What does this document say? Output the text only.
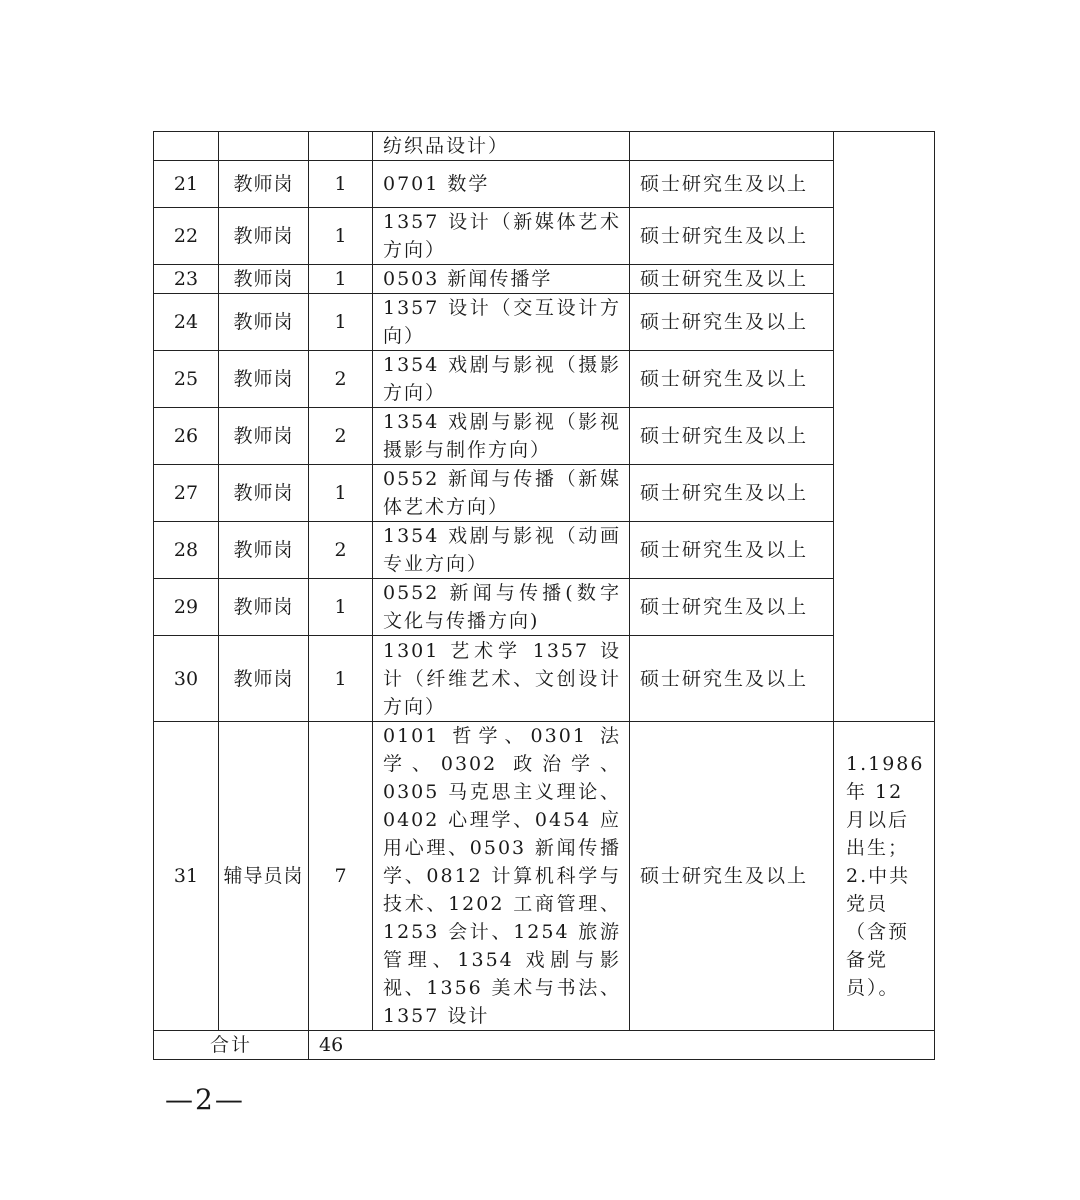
			纺织品设计）		
21	教师岗	1	0701 数学	硕士研究生及以上	
22	教师岗	1	1357 设计（新媒体艺术方向）	硕士研究生及以上	
23	教师岗	1	0503 新闻传播学	硕士研究生及以上	
24	教师岗	1	1357 设计（交互设计方向）	硕士研究生及以上	
25	教师岗	2	1354 戏剧与影视（摄影方向）	硕士研究生及以上	
26	教师岗	2	1354 戏剧与影视（影视摄影与制作方向）	硕士研究生及以上	
27	教师岗	1	0552 新闻与传播（新媒体艺术方向）	硕士研究生及以上	
28	教师岗	2	1354 戏剧与影视（动画专业方向）	硕士研究生及以上	
29	教师岗	1	0552 新闻与传播(数字文化与传播方向)	硕士研究生及以上	
30	教师岗	1	1301 艺术学 1357 设计（纤维艺术、文创设计方向）	硕士研究生及以上	
31	辅导员岗	7	0101 哲学、0301 法学、0302 政治学、0305 马克思主义理论、0402 心理学、0454 应用心理、0503 新闻传播学、0812 计算机科学与技术、1202 工商管理、1253 会计、1254 旅游管理、1354 戏剧与影视、1356 美术与书法、1357 设计	硕士研究生及以上	1.1986 年 12 月以后出生；2.中共党员（含预备党员）。
合计		46			
—2—
